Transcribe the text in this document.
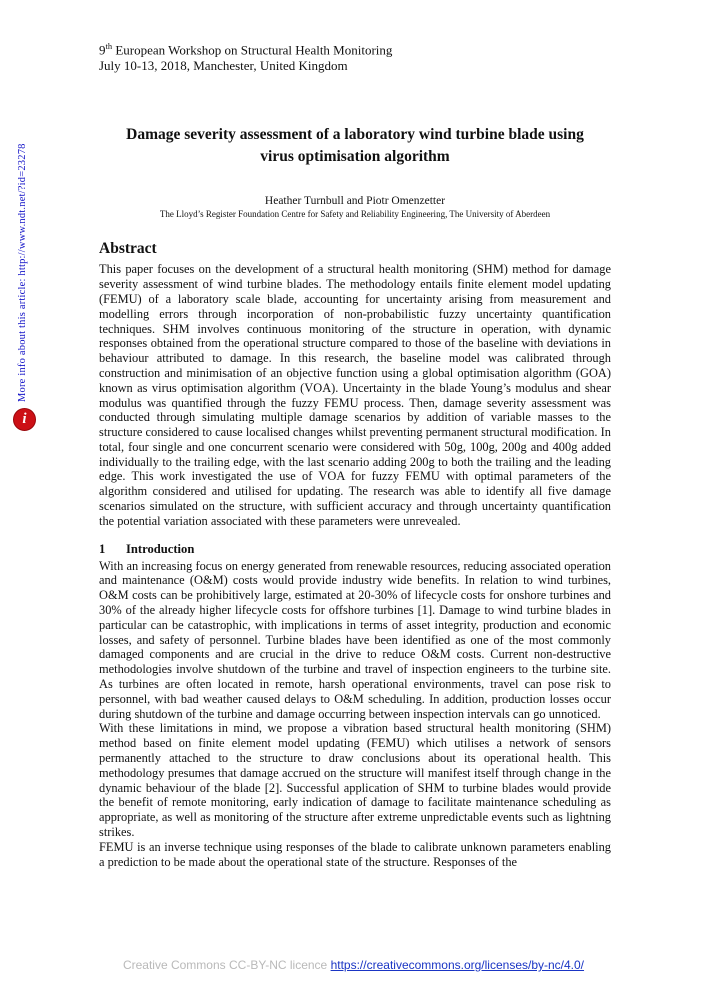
More info about this article: http://www.ndt.net/?id=23278
i
9th European Workshop on Structural Health Monitoring
July 10-13, 2018, Manchester, United Kingdom
Damage severity assessment of a laboratory wind turbine blade using virus optimisation algorithm
Heather Turnbull and Piotr Omenzetter
The Lloyd’s Register Foundation Centre for Safety and Reliability Engineering, The University of Aberdeen
Abstract

This paper focuses on the development of a structural health monitoring (SHM) method for damage severity assessment of wind turbine blades. The methodology entails finite element model updating (FEMU) of a laboratory scale blade, accounting for uncertainty arising from measurement and modelling errors through incorporation of non-probabilistic fuzzy uncertainty quantification techniques. SHM involves continuous monitoring of the structure in operation, with dynamic responses obtained from the operational structure compared to those of the baseline with deviations in behaviour attributed to damage. In this research, the baseline model was calibrated through construction and minimisation of an objective function using a global optimisation algorithm (GOA) known as virus optimisation algorithm (VOA). Uncertainty in the blade Young’s modulus and shear modulus was quantified through the fuzzy FEMU process. Then, damage severity assessment was conducted through simulating multiple damage scenarios by addition of variable masses to the structure considered to cause localised changes whilst preventing permanent structural modification. In total, four single and one concurrent scenario were considered with 50g, 100g, 200g and 400g added individually to the trailing edge, with the last scenario adding 200g to both the trailing and the leading edge. This work investigated the use of VOA for fuzzy FEMU with optimal parameters of the algorithm considered and utilised for updating. The research was able to identify all five damage scenarios simulated on the structure, with sufficient accuracy and through uncertainty quantification the potential variation associated with these parameters were unrevealed.

1 Introduction

With an increasing focus on energy generated from renewable resources, reducing associated operation and maintenance (O&M) costs would provide industry wide benefits. In relation to wind turbines, O&M costs can be prohibitively large, estimated at 20-30% of lifecycle costs for onshore turbines and 30% of the already higher lifecycle costs for offshore turbines [1]. Damage to wind turbine blades in particular can be catastrophic, with implications in terms of asset integrity, production and economic losses, and safety of personnel. Turbine blades have been identified as one of the most commonly damaged components and are crucial in the drive to reduce O&M costs. Current non-destructive methodologies involve shutdown of the turbine and travel of inspection engineers to the turbine site. As turbines are often located in remote, harsh operational environments, travel can pose risk to personnel, with bad weather caused delays to O&M scheduling. In addition, production losses occur during shutdown of the turbine and damage occurring between inspection intervals can go unnoticed.

With these limitations in mind, we propose a vibration based structural health monitoring (SHM) method based on finite element model updating (FEMU) which utilises a network of sensors permanently attached to the structure to draw conclusions about its operational health. This methodology presumes that damage accrued on the structure will manifest itself through change in the dynamic behaviour of the blade [2]. Successful application of SHM to turbine blades would provide the benefit of remote monitoring, early indication of damage to facilitate maintenance scheduling as appropriate, as well as monitoring of the structure after extreme unpredictable events such as lightning strikes.

FEMU is an inverse technique using responses of the blade to calibrate unknown parameters enabling a prediction to be made about the operational state of the structure. Responses of the

Creative Commons CC-BY-NC licence https://creativecommons.org/licenses/by-nc/4.0/
